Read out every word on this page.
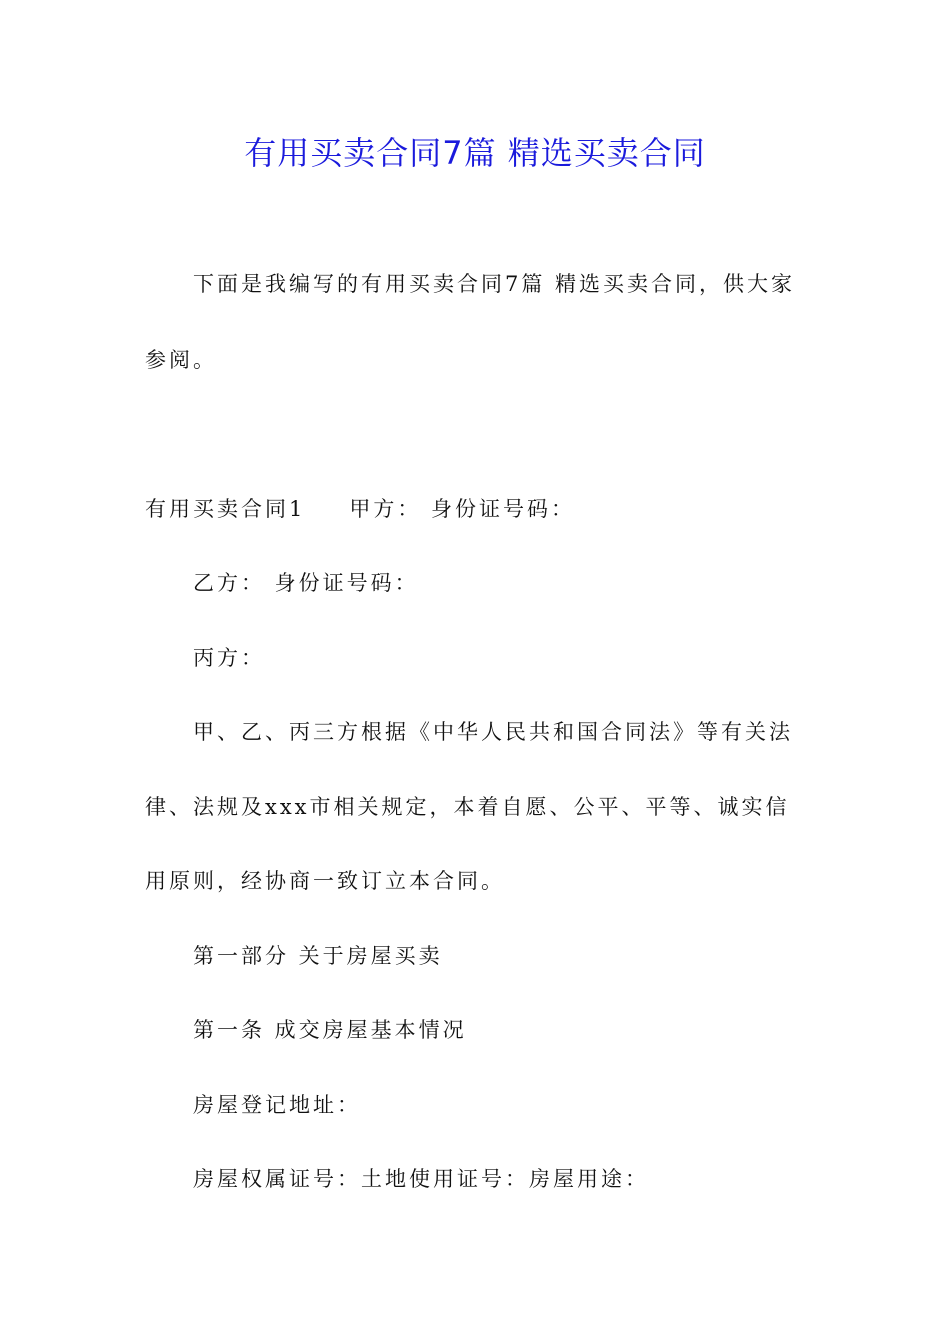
有用买卖合同7篇 精选买卖合同
下面是我编写的有用买卖合同7篇 精选买卖合同，供大家
参阅。
有用买卖合同1 甲方： 身份证号码：
乙方： 身份证号码：
丙方：
甲、乙、丙三方根据《中华人民共和国合同法》等有关法
律、法规及xxx市相关规定，本着自愿、公平、平等、诚实信
用原则，经协商一致订立本合同。
第一部分 关于房屋买卖
第一条 成交房屋基本情况
房屋登记地址：
房屋权属证号：土地使用证号：房屋用途：
